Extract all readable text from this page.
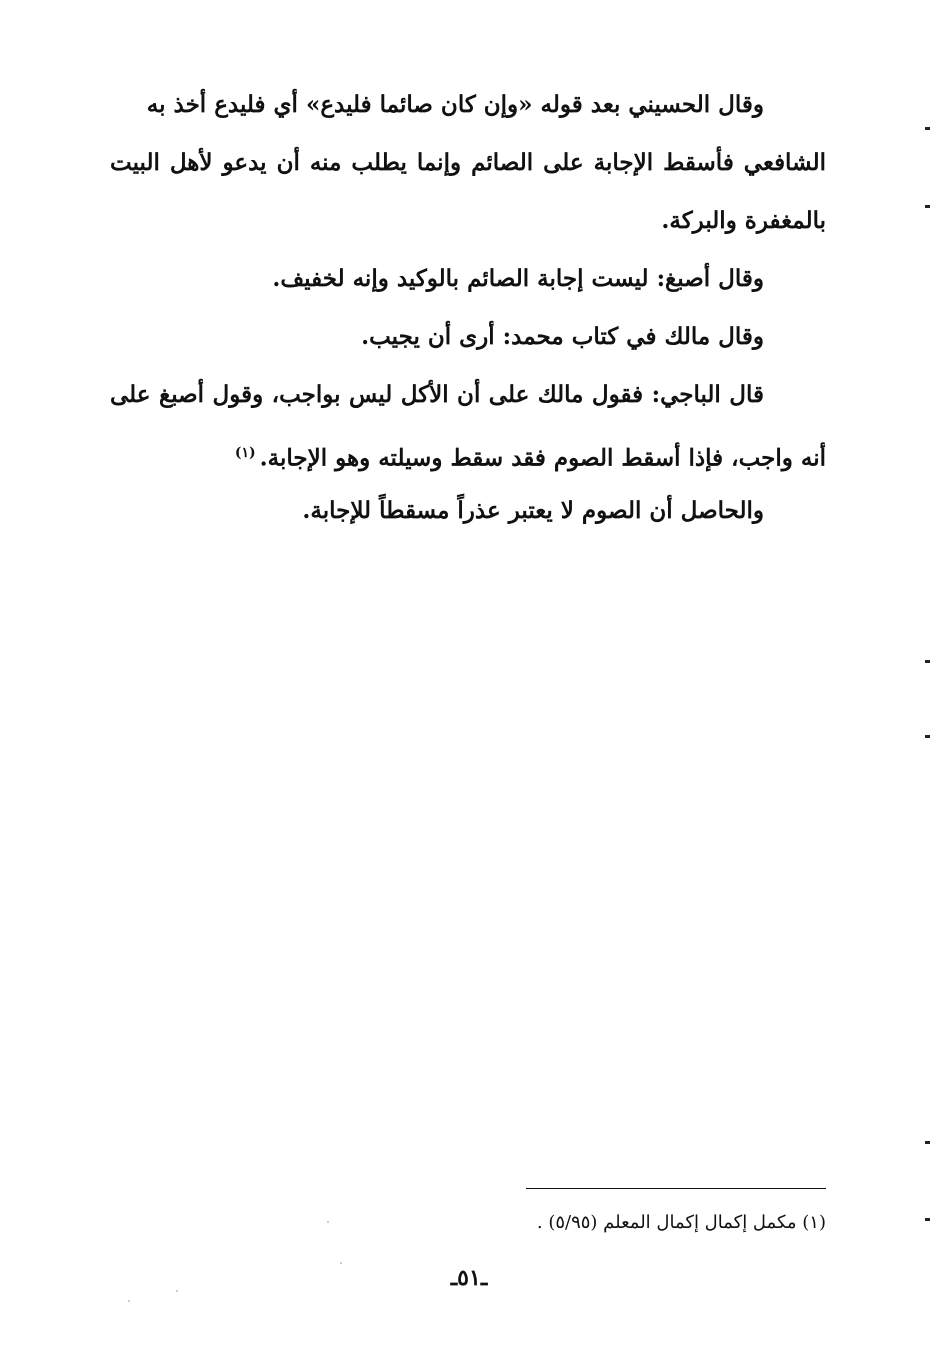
وقال الحسيني بعد قوله «وإن كان صائما فليدع» أي فليدع أخذ به
الشافعي فأسقط الإجابة على الصائم وإنما يطلب منه أن يدعو لأهل البيت
بالمغفرة والبركة.
وقال أصبغ: ليست إجابة الصائم بالوكيد وإنه لخفيف.
وقال مالك في كتاب محمد: أرى أن يجيب.
قال الباجي: فقول مالك على أن الأكل ليس بواجب، وقول أصبغ على
أنه واجب، فإذا أسقط الصوم فقد سقط وسيلته وهو الإجابة.$^{(١)}$
والحاصل أن الصوم لا يعتبر عذراً مسقطاً للإجابة.
(١) مكمل إكمال إكمال المعلم (٥/٩٥) .
ـ٥١ـ
